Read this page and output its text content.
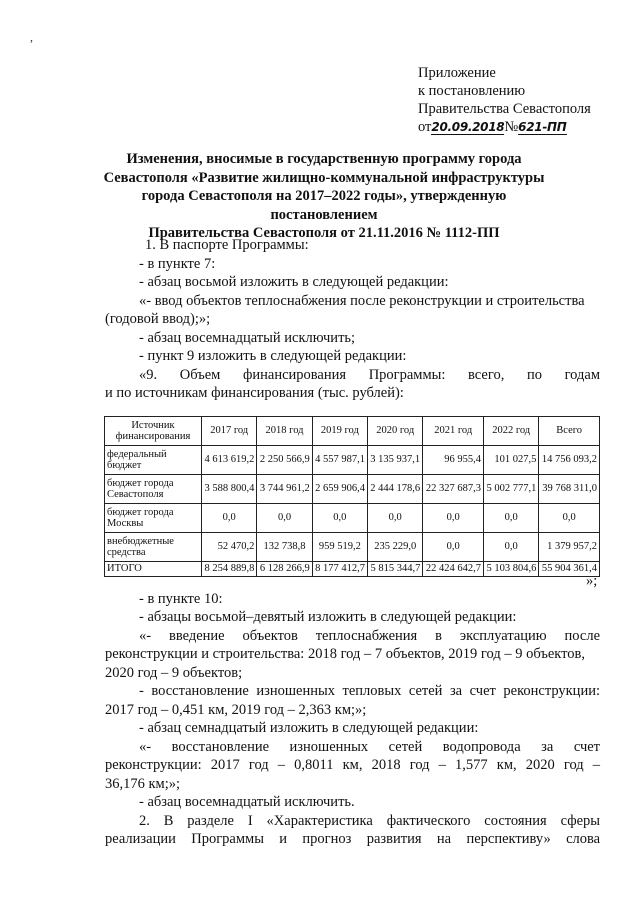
,
Приложение
к постановлению
Правительства Севастополя
от20.09.2018№621-ПП
Изменения, вносимые в государственную программу города
Севастополя «Развитие жилищно-коммунальной инфраструктуры
города Севастополя на 2017–2022 годы», утвержденную постановлением
Правительства Севастополя от 21.11.2016 № 1112-ПП
1. В паспорте Программы:
- в пункте 7:
- абзац восьмой изложить в следующей редакции:
«- ввод объектов теплоснабжения после реконструкции и строительства
(годовой ввод);»;
- абзац восемнадцатый исключить;
- пункт 9 изложить в следующей редакции:
«9. Объем финансирования Программы: всего, по годам
и по источникам финансирования (тыс. рублей):
Источник финансирования	2017 год	2018 год	2019 год	2020 год	2021 год	2022 год	Всего
федеральный бюджет	4 613 619,2	2 250 566,9	4 557 987,1	3 135 937,1	96 955,4	101 027,5	14 756 093,2
бюджет города Севастополя	3 588 800,4	3 744 961,2	2 659 906,4	2 444 178,6	22 327 687,3	5 002 777,1	39 768 311,0
бюджет города Москвы	0,0	0,0	0,0	0,0	0,0	0,0	0,0
внебюджетные средства	52 470,2	132 738,8	959 519,2	235 229,0	0,0	0,0	1 379 957,2
ИТОГО	8 254 889,8	6 128 266,9	8 177 412,7	5 815 344,7	22 424 642,7	5 103 804,6	55 904 361,4
»;
- в пункте 10:
- абзацы восьмой–девятый изложить в следующей редакции:
«- введение объектов теплоснабжения в эксплуатацию после
реконструкции и строительства: 2018 год – 7 объектов, 2019 год – 9 объектов,
2020 год – 9 объектов;
- восстановление изношенных тепловых сетей за счет реконструкции:
2017 год – 0,451 км, 2019 год – 2,363 км;»;
- абзац семнадцатый изложить в следующей редакции:
«- восстановление изношенных сетей водопровода за счет
реконструкции: 2017 год – 0,8011 км, 2018 год – 1,577 км, 2020 год –
36,176 км;»;
- абзац восемнадцатый исключить.
2. В разделе I «Характеристика фактического состояния сферы
реализации Программы и прогноз развития на перспективу» слова
